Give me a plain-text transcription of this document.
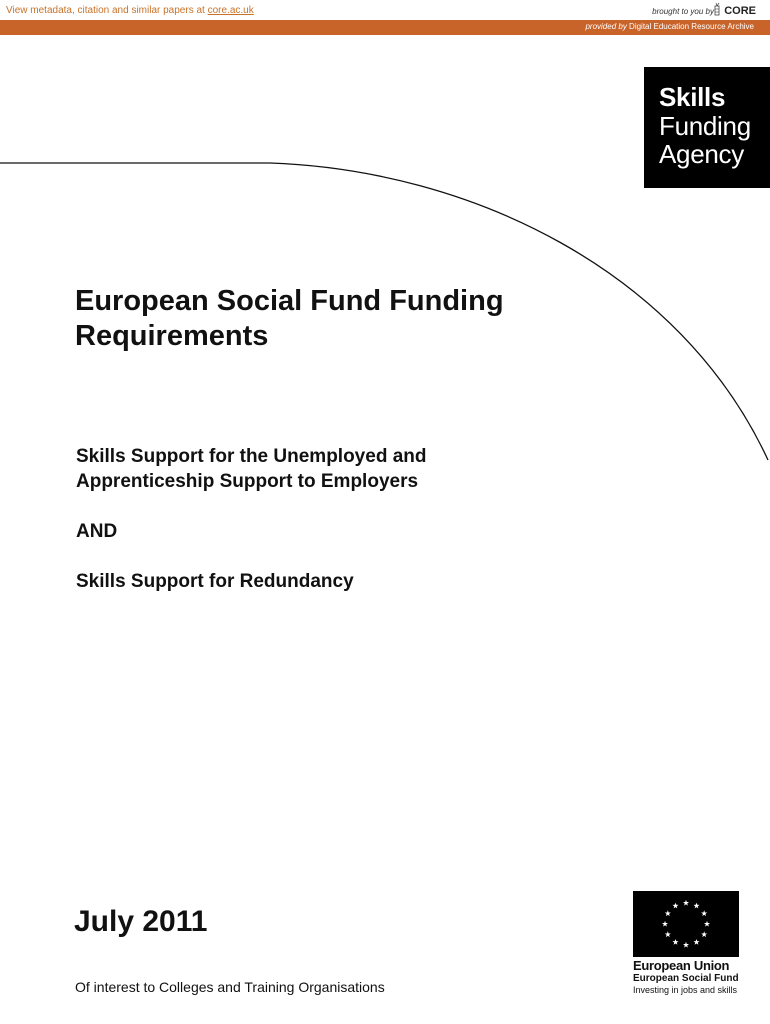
View metadata, citation and similar papers at core.ac.uk	brought to you by CORE
provided by Digital Education Resource Archive
Skills
Funding
Agency
European Social Fund Funding
Requirements

Skills Support for the Unemployed and
Apprenticeship Support to Employers

AND

Skills Support for Redundancy

July 2011

Of interest to Colleges and Training Organisations

European Union
European Social Fund
Investing in jobs and skills
